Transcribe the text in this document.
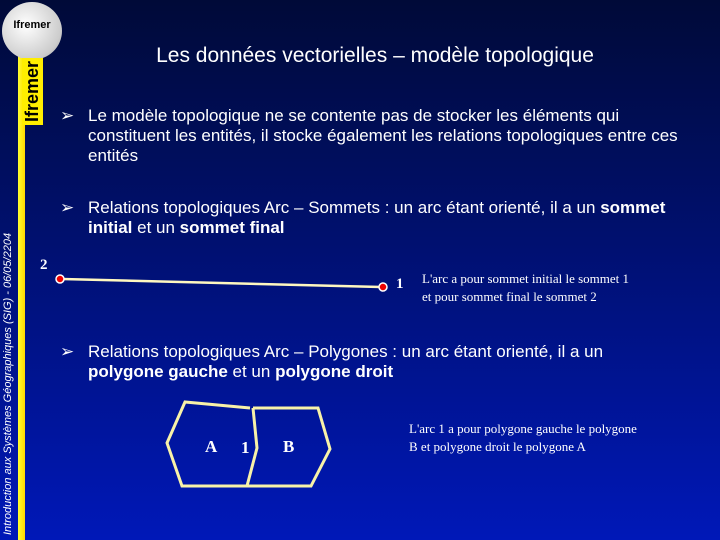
Ifremer
Ifremer
Introduction aux Systèmes Géographiques (SIG) - 06/05/2204
Les données vectorielles – modèle topologique
➢ Le modèle topologique ne se contente pas de stocker les éléments qui constituent les entités, il stocke également les relations topologiques entre ces entités
➢ Relations topologiques Arc – Sommets : un arc étant orienté, il a un sommet initial et un sommet final
➢ Relations topologiques Arc – Polygones : un arc étant orienté, il a un polygone gauche et un polygone droit
2
1 L'arc a pour sommet initial le sommet 1
et pour sommet final le sommet 2
A 1 B
L'arc 1 a pour polygone gauche le polygone
B et polygone droit le polygone A
